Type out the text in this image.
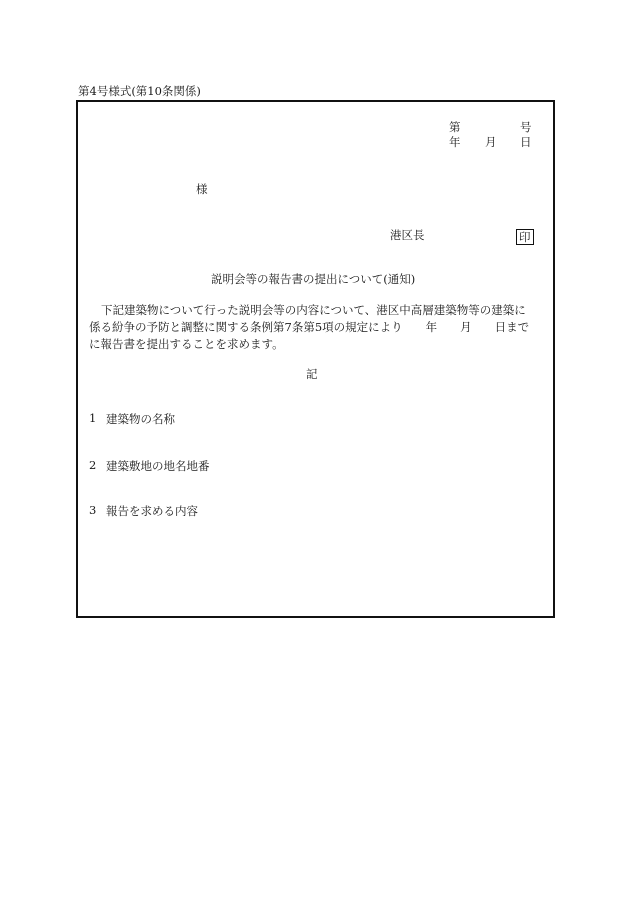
第4号様式(第10条関係)
第	号
年 月 日
様
港区長	印
説明会等の報告書の提出について(通知)

下記建築物について行った説明会等の内容について、港区中高層建築物等の建築に
係る紛争の予防と調整に関する条例第7条第5項の規定により　　年　　月　　日まで
に報告書を提出することを求めます。

記
1 建築物の名称
2 建築敷地の地名地番
3 報告を求める内容
